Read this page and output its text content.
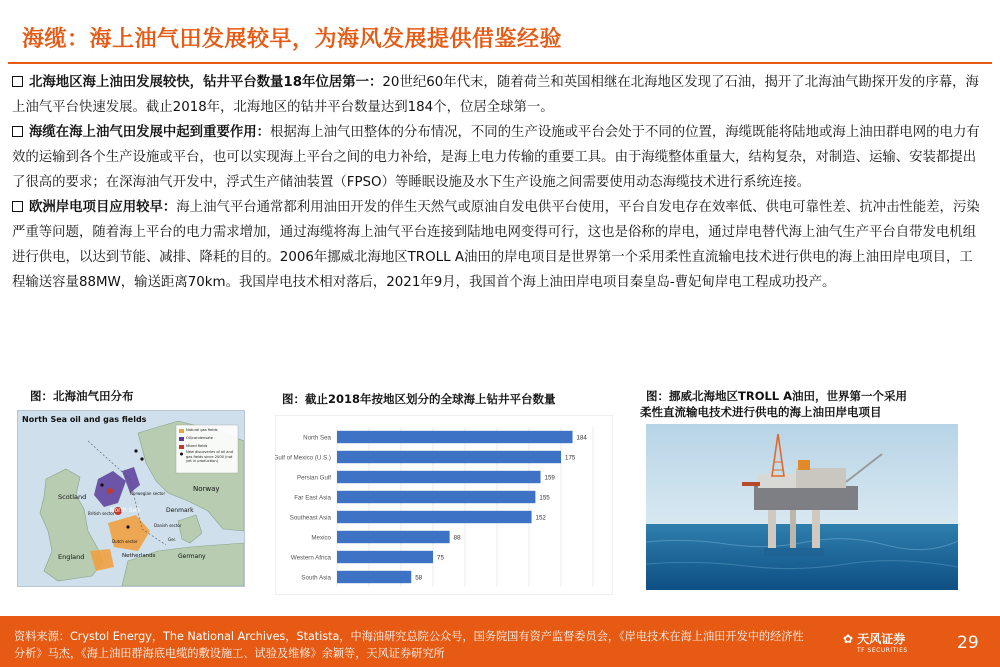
海缆：海上油气田发展较早，为海风发展提供借鉴经验
北海地区海上油田发展较快，钻井平台数量18年位居第一：20世纪60年代末，随着荷兰和英国相继在北海地区发现了石油，揭开了北海油气勘探开发的序幕，海上油气平台快速发展。截止2018年，北海地区的钻井平台数量达到184个，位居全球第一。
海缆在海上油气田发展中起到重要作用：根据海上油气田整体的分布情况，不同的生产设施或平台会处于不同的位置，海缆既能将陆地或海上油田群电网的电力有效的运输到各个生产设施或平台，也可以实现海上平台之间的电力补给，是海上电力传输的重要工具。由于海缆整体重量大，结构复杂，对制造、运输、安装都提出了很高的要求；在深海油气开发中，浮式生产储油装置（FPSO）等睡眠设施及水下生产设施之间需要使用动态海缆技术进行系统连接。
欧洲岸电项目应用较早：海上油气平台通常都利用油田开发的伴生天然气或原油自发电供平台使用，平台自发电存在效率低、供电可靠性差、抗冲击性能差，污染严重等问题，随着海上平台的电力需求增加，通过海缆将海上油气平台连接到陆地电网变得可行，这也是俗称的岸电，通过岸电替代海上油气生产平台自带发电机组进行供电，以达到节能、减排、降耗的目的。2006年挪威北海地区TROLL A油田的岸电项目是世界第一个采用柔性直流输电技术进行供电的海上油田岸电项目，工程输送容量88MW，输送距离70km。我国岸电技术相对落后，2021年9月，我国首个海上油田岸电项目秦皇岛-曹妃甸岸电工程成功投产。
图：北海油气田分布
North Sea oil and gas fields
Natural gas fields
Oil/condensate
Mixed fields
New discoveries of oil and gas fields since 2000 (not yet in production)
Norway
Scotland
North Sea	Denmark
England	Netherlands	Germany
British sector
Norwegian sector
Danish sector
Dutch sector	Ger.
图：截止2018年按地区划分的全球海上钻井平台数量
North Sea	184
Gulf of Mexico (U.S.)	175
Persian Gulf	159
Far East Asia	155
Southeast Asia	152
Mexico	88
Western Africa	75
South Asia	58
图：挪威北海地区TROLL A油田，世界第一个采用
柔性直流输电技术进行供电的海上油田岸电项目
资料来源：Crystol Energy，The National Archives，Statista，中海油研究总院公众号，国务院国有资产监督委员会，《岸电技术在海上油田开发中的经济性
分析》马杰，《海上油田群海底电缆的敷设施工、试验及维修》余颖等，天风证券研究所
✿ 天风证券
TF SECURITIES	29
